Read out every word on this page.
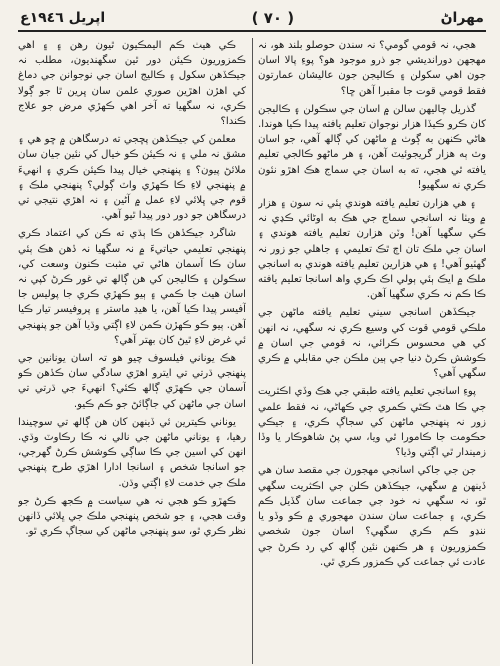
اپريل ١٩٤٦ع	( ٧٠ )	مهراڻ

ھجي، نہ قومي گومي؟ نہ سندن حوصلو بلند ھو، نہ مھجھن دورانديشي جو ذرو موجود ھو؟ پوءِ پالا اسان جون اھي سکولن ۽ ڪاليجن جون عاليشان عمارتون فقط قومي قوت جا مقبرا آھن ڇا؟

گذريل چاليھن سالن ۾ اسان جي سڪولن ۽ ڪاليجن کان ڪرو ڪيڏا ھزار نوجوان تعليم يافته پيدا ڪيا ھوندا. ھاڻي ڪنھن به ڳوٺ ۾ ماڻهن کي ڳالھ آھي، جو اسان وٽ ٻه ھزار گريجوئيٽ آھن، ۽ ھر ماڻھو ڪالجي تعليم يافته ٿي ھجي، ته به اسان جي سماج ھڪ اھڙو نئون ڪري نه سگھيو!

۽ ھي ھزارن تعليم يافته ھوندي ٻئي نہ سون ۽ ھزار ۾ ويٺا نہ اسانجي سماج جي ھڪ به اوڻائي ڪڍي نہ ڪي سگھيا آھن! وٽن ھزارن تعليم يافته ھوندي ۽ اسان جي ملڪ تان اڄ ٿڪ تعليمي ۽ جاھلي جو زور نہ گھٽيو آھي! ۽ ھي ھزارين تعليم يافته ھوندي به اسانجي ملڪ ۾ ايڪ ٻئي ٻولي اڪ ڪري واھ اسانجا تعليم يافته ڪا ڪم نہ ڪري سگھيا آھن.

جيڪڏھن اسانجي سيني تعليم يافته ماڻھن جي ملڪي قومي قوت کي وسيع ڪري نہ سگھي، نہ انھن کي ھي محسوس ڪرائي، نہ قومي جي اسان ۾ ڪوشش ڪرڻ دنيا جي ٻين ملڪن جي مقابلي ۾ ڪري سگھي آھي؟

پوءِ اسانجي تعليم يافته طبقي جي ھڪ وڏي اڪثريت جي ڪا ھٿ ڪٿي ڪمري جي ڪھاڻي، نہ فقط علمي زور نہ پنھنجي ماڻھن کي سجاڳ ڪري، ۽ جيڪي حڪومت جا ڪامورا ٿي ويا، سي پڻ شاھوڪار يا وڏا زميندار ٿي اڳتي وڌيا؟

جن جي جاکي اسانجي مھجورن جي مقصد سان ھي ڏينھن ۾ سگھي، جيڪڏھن ڪلن جي اڪثريت سگھي ٿو، نہ سگھي نہ خود جي جماعت سان گڏيل ڪم ڪري، ۽ جماعت سان سندن مھجوري ۾ ڪو وڏو يا ننڍو ڪم ڪري سگھي؟ اسان جون شخصي ڪمزوريون ۽ ھر ڪنھن نئين ڳالھ کي رد ڪرڻ جي عادت ئي جماعت کي ڪمزور ڪري ٿي.

ڪي ھيٺ ڪم اليمڪيون ٿيون رھن ۽ ۽ اھي ڪمزوريون ڪيئن دور ٿين سگھنديون، مطلب نہ جيڪڏھن سکول ۽ ڪاليج اسان جي نوجوانن جي دماغ کي اھڙن اھڙين صوري علمن سان ڀرين ٿا جو ڳولا ڪري، نہ سگھيا ته آخر اھي ڪھڙي مرض جو علاج ڪندا؟

معلمن کي جيڪڏھن پڇجي ته درسگاھن ۾ ڇو ھي ۽ مشق نہ ملي ۽ نہ ڪيئن ڪو خيال کي نئين جيان سان ملائڻ پيون؟ ۽ پنھنجي خيال پيدا ڪيئن ڪري ۽ انھيءَ ۾ پنھنجي لاءِ ڪا ڪھڙي واٽ ڳولي؟ پنھنجي ملڪ ۽ قوم جي ڀلائي لاءِ عمل ۾ آڻين ۽ نہ اھڙي نتيجي تي درسگاھن جو دور دور پيدا ٿيو آھي.

شاگرد جيڪڏھن ڪا ٻڌي ته ڪن کي اعتماد ڪري پنھنجي تعليمي حياتيءَ ۾ نہ سگھيا نہ ڏھن ھڪ ٻئي سان ڪا آسمان ھاڻي تي مثبت ڪنون وسعت کي، سڪولن ۽ ڪاليجن کي ھن ڳالھ تي غور ڪرڻ کپي نہ اسان ھيٺ جا ڪمي ۽ ٻيو ڪھڙي ڪري جا پوليس جا آفيسر پيدا ڪيا آھن، يا ھيڊ ماستر ۽ پروفيسر تيار ڪيا آھن. ٻيو ڪو ڪھڙن ڪمن لاءِ اڳتي وڌيا آھن جو پنھنجي ئي غرض لاءِ ٿيڻ کان بھتر آھي؟

ھڪ يوناني فيلسوف چيو ھو تہ اسان يونانين جي پنھنجي ڌرتي تي ايترو اھڙي سادگي سان ڪڏھن ڪو آسمان جي ڪھڙي ڳالھ ڪئي؟ انھيءَ جي ڌرتي تي اسان جي ماڻھن کي جاڳائڻ جو ڪم ڪيو.

يوناني ڪيترين ئي ڏينھن کان ھن ڳالھ تي سوچيندا رھيا، ۽ يوناني ماڻھن جي نالي نہ ڪا رڪاوٽ وڌي. انھن کي اسين جي ڪا ساڳي ڪوشش ڪرڻ گھرجي، جو اسانجا شخص ۽ اسانجا ادارا اھڙي طرح پنھنجي ملڪ جي خدمت لاءِ اڳتي وڌن.

ڪھڙو ڪو ھجي نہ ھي سياست ۾ ڪجھ ڪرڻ جو وقت ھجي، ۽ جو شخص پنھنجي ملڪ جي ڀلائي ڏانھن نظر ڪري ٿو، سو پنھنجي ماڻھن کي سجاڳ ڪري ٿو.
